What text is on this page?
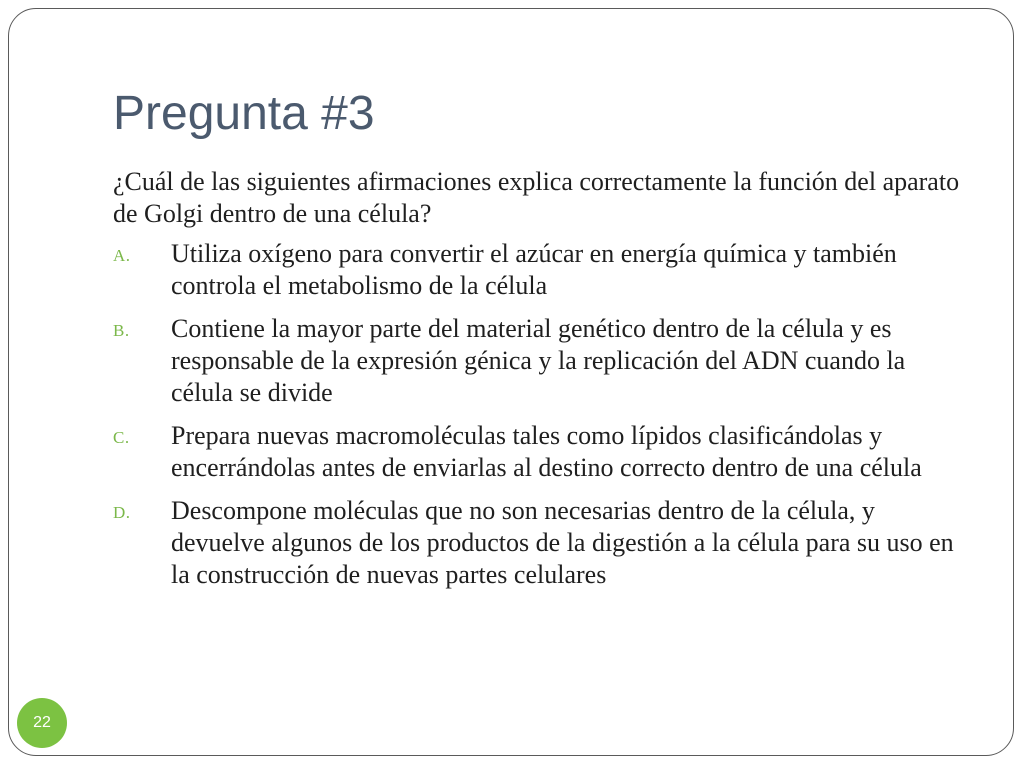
Pregunta #3

¿Cuál de las siguientes afirmaciones explica correctamente la función del aparato de Golgi dentro de una célula?

A. Utiliza oxígeno para convertir el azúcar en energía química y también controla el metabolismo de la célula
B. Contiene la mayor parte del material genético dentro de la célula y es responsable de la expresión génica y la replicación del ADN cuando la célula se divide
C. Prepara nuevas macromoléculas tales como lípidos clasificándolas y encerrándolas antes de enviarlas al destino correcto dentro de una célula
D. Descompone moléculas que no son necesarias dentro de la célula, y devuelve algunos de los productos de la digestión a la célula para su uso en la construcción de nuevas partes celulares
22
